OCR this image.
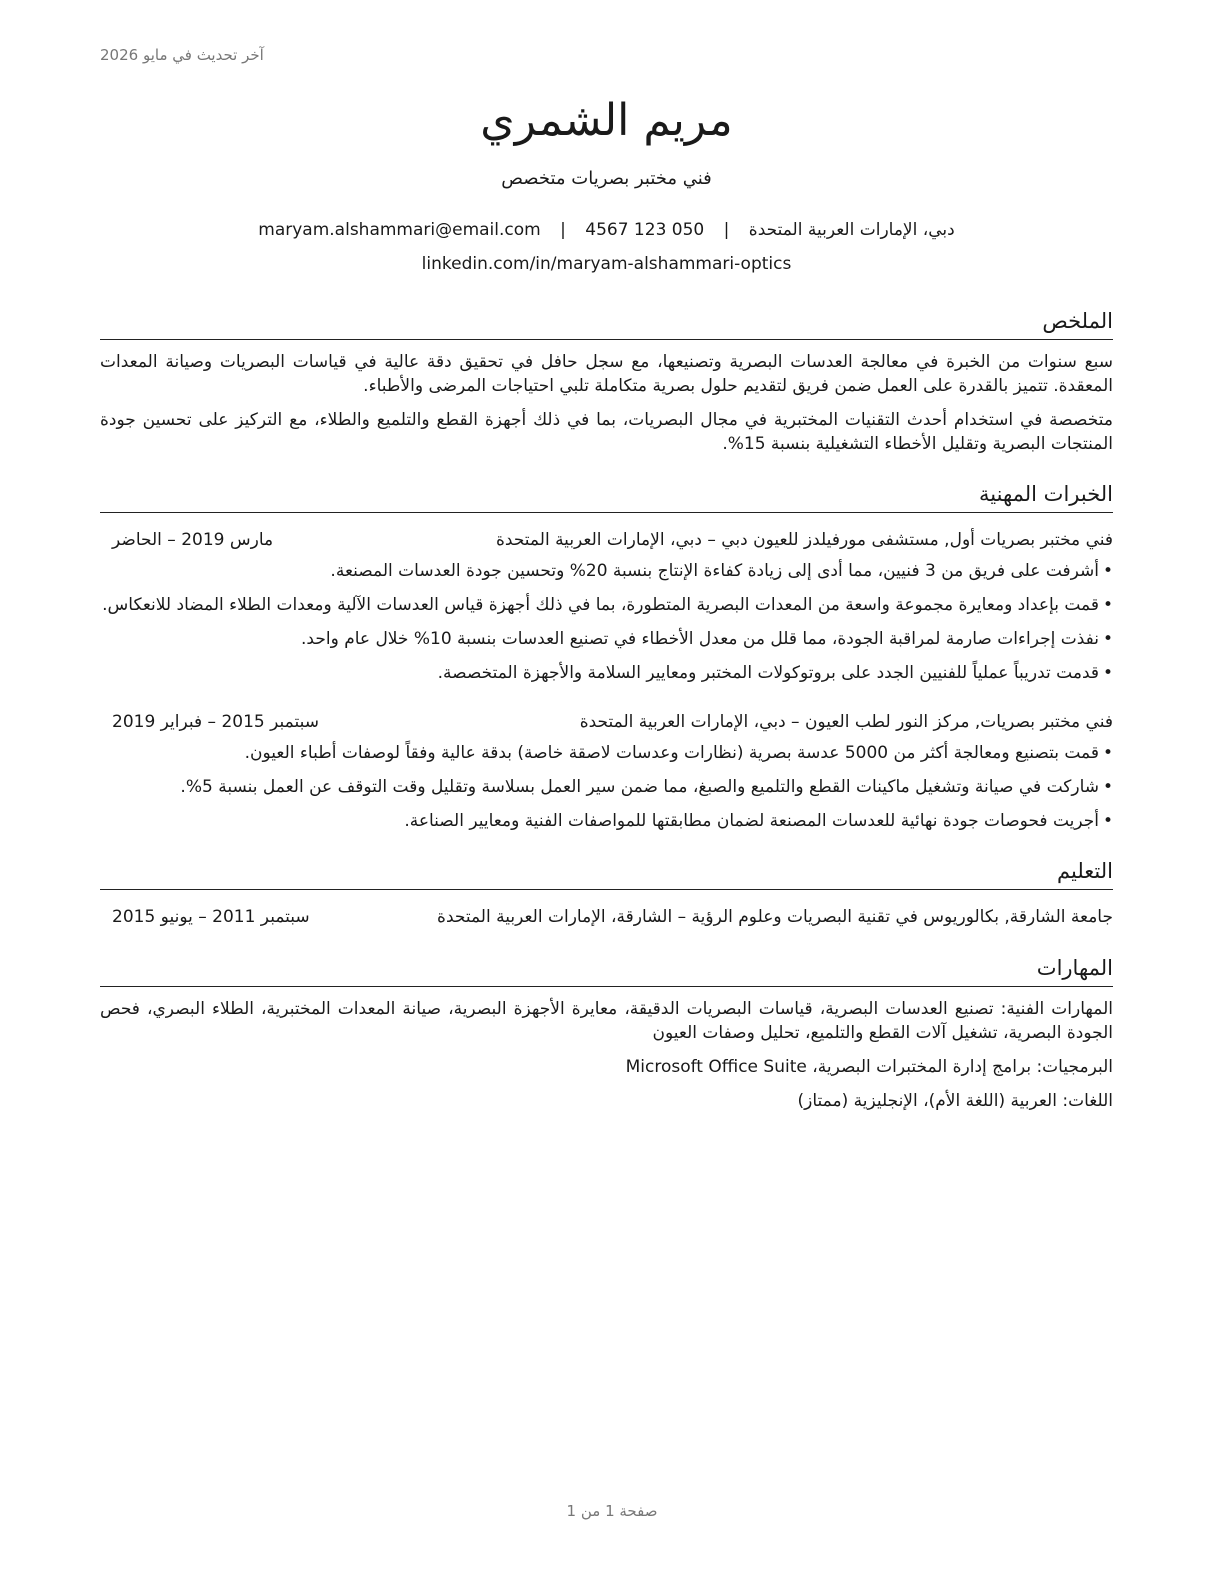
آخر تحديث في مايو 2026
مريم الشمري
فني مختبر بصريات متخصص
دبي، الإمارات العربية المتحدة | maryam.alshammari@email.com | 4567 123 050
linkedin.com/in/maryam-alshammari-optics
الملخص
سبع سنوات من الخبرة في معالجة العدسات البصرية وتصنيعها، مع سجل حافل في تحقيق دقة عالية في قياسات البصريات وصيانة المعدات المعقدة. تتميز بالقدرة على العمل ضمن فريق لتقديم حلول بصرية متكاملة تلبي احتياجات المرضى والأطباء.
متخصصة في استخدام أحدث التقنيات المختبرية في مجال البصريات، بما في ذلك أجهزة القطع والتلميع والطلاء، مع التركيز على تحسين جودة المنتجات البصرية وتقليل الأخطاء التشغيلية بنسبة 15%.
الخبرات المهنية
فني مختبر بصريات أول, مستشفى مورفيلدز للعيون دبي – دبي، الإمارات العربية المتحدة
مارس 2019 – الحاضر
• أشرفت على فريق من 3 فنيين، مما أدى إلى زيادة كفاءة الإنتاج بنسبة 20% وتحسين جودة العدسات المصنعة.
• قمت بإعداد ومعايرة مجموعة واسعة من المعدات البصرية المتطورة، بما في ذلك أجهزة قياس العدسات الآلية ومعدات الطلاء المضاد للانعكاس.
• نفذت إجراءات صارمة لمراقبة الجودة، مما قلل من معدل الأخطاء في تصنيع العدسات بنسبة 10% خلال عام واحد.
• قدمت تدريباً عملياً للفنيين الجدد على بروتوكولات المختبر ومعايير السلامة والأجهزة المتخصصة.
فني مختبر بصريات, مركز النور لطب العيون – دبي، الإمارات العربية المتحدة
سبتمبر 2015 – فبراير 2019
• قمت بتصنيع ومعالجة أكثر من 5000 عدسة بصرية (نظارات وعدسات لاصقة خاصة) بدقة عالية وفقاً لوصفات أطباء العيون.
• شاركت في صيانة وتشغيل ماكينات القطع والتلميع والصبغ، مما ضمن سير العمل بسلاسة وتقليل وقت التوقف عن العمل بنسبة 5%.
• أجريت فحوصات جودة نهائية للعدسات المصنعة لضمان مطابقتها للمواصفات الفنية ومعايير الصناعة.
التعليم
جامعة الشارقة, بكالوريوس في تقنية البصريات وعلوم الرؤية – الشارقة، الإمارات العربية المتحدة
سبتمبر 2011 – يونيو 2015
المهارات
المهارات الفنية: تصنيع العدسات البصرية، قياسات البصريات الدقيقة، معايرة الأجهزة البصرية، صيانة المعدات المختبرية، الطلاء البصري، فحص الجودة البصرية، تشغيل آلات القطع والتلميع، تحليل وصفات العيون
البرمجيات: برامج إدارة المختبرات البصرية، Microsoft Office Suite
اللغات: العربية (اللغة الأم)، الإنجليزية (ممتاز)
صفحة 1 من 1
